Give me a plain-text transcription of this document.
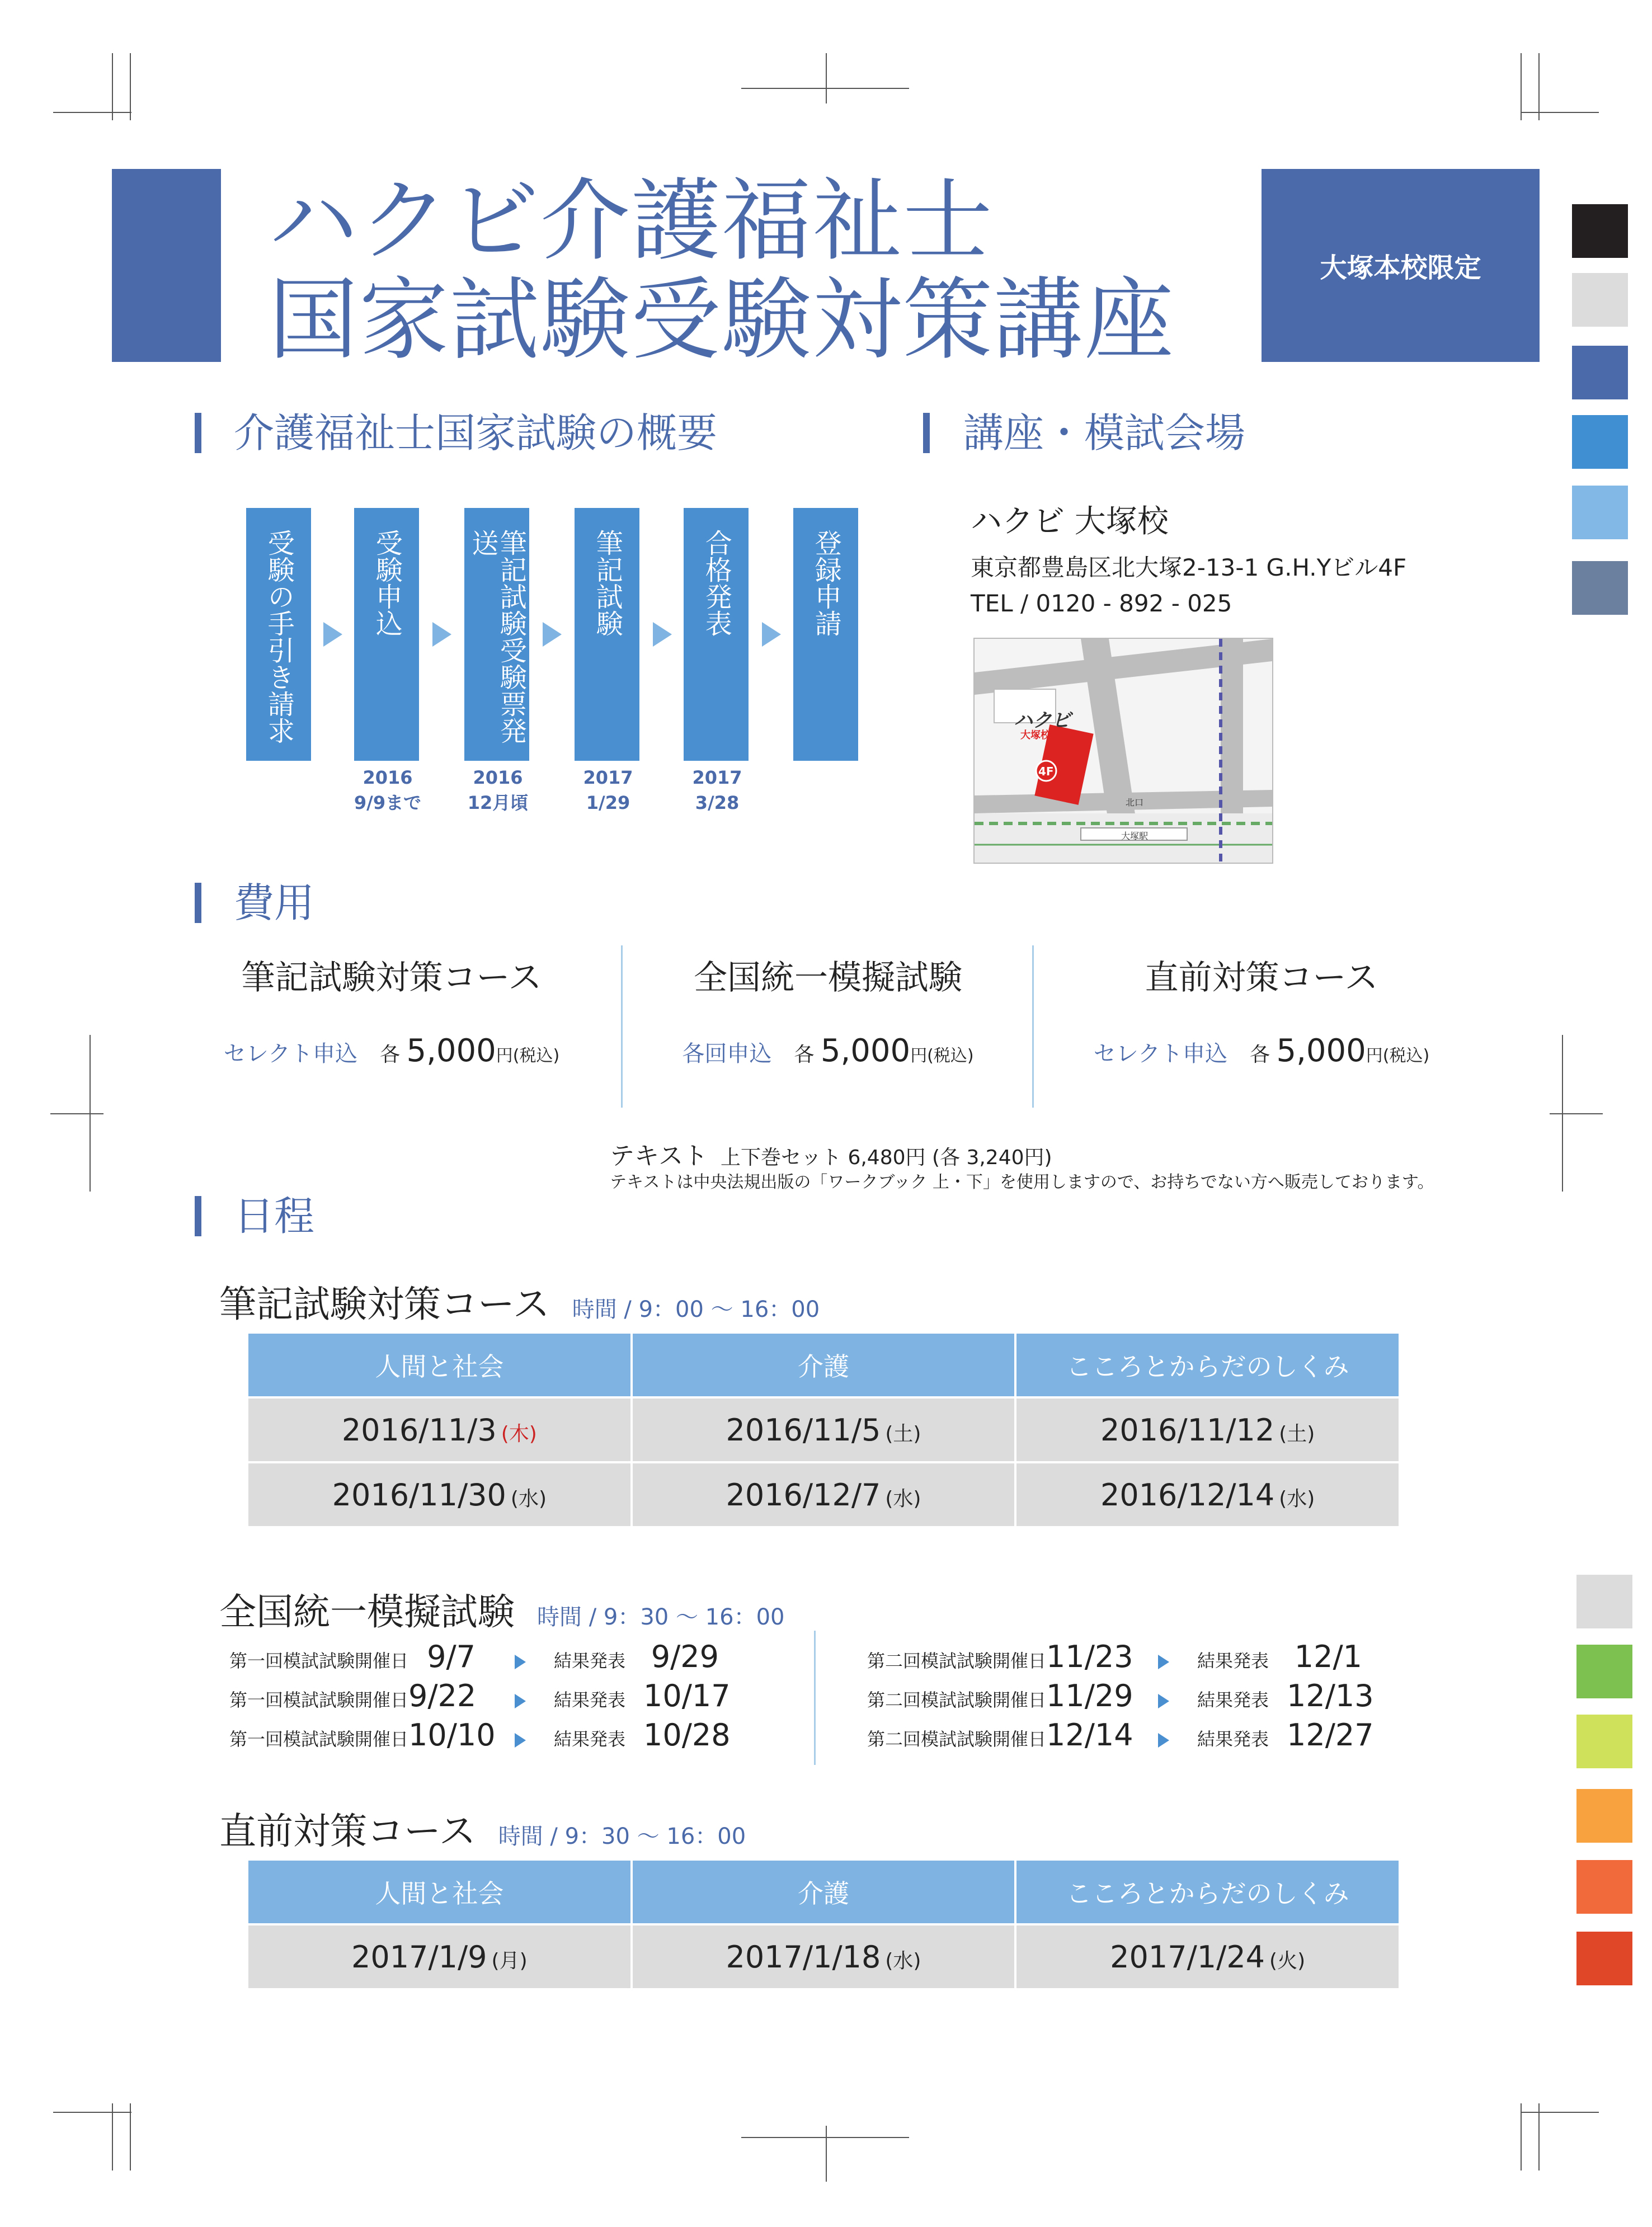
ハクビ介護福祉士
国家試験受験対策講座	大塚本校限定
介護福祉士国家試験の概要
受験の手引き請求	受験申込	筆記試験受験票発送	筆記試験	合格発表	登録申請
2016
9/9まで
2016
12月頃
2017
1/29
2017
3/28
講座・模試会場
ハクビ 大塚校
東京都豊島区北大塚2-13-1 G.H.Yビル4F
TEL / 0120 - 892 - 025
ハクビ
大塚校
4F
大塚駅
北口
費用
筆記試験対策コース
セレクト申込 各 5,000円(税込)
全国統一模擬試験
各回申込 各 5,000円(税込)
直前対策コース
セレクト申込 各 5,000円(税込)
テキスト 上下巻セット 6,480円 (各 3,240円)
テキストは中央法規出版の「ワークブック 上・下」を使用しますので、お持ちでない方へ販売しております。
日程
筆記試験対策コース 時間 / 9：00 ～ 16：00
人間と社会	介護	こころとからだのしくみ
2016/11/3 (木)	2016/11/5 (土)	2016/11/12 (土)
2016/11/30 (水)	2016/12/7 (水)	2016/12/14 (水)
全国統一模擬試験 時間 / 9：30 ～ 16：00
第一回模試試験開催日 9/7	結果発表 9/29
第一回模試試験開催日9/22	結果発表 10/17
第一回模試試験開催日10/10	結果発表 10/28
第二回模試試験開催日11/23	結果発表 12/1
第二回模試試験開催日11/29	結果発表 12/13
第二回模試試験開催日12/14	結果発表 12/27
直前対策コース 時間 / 9：30 ～ 16：00
人間と社会	介護	こころとからだのしくみ
2017/1/9 (月)	2017/1/18 (水)	2017/1/24 (火)
